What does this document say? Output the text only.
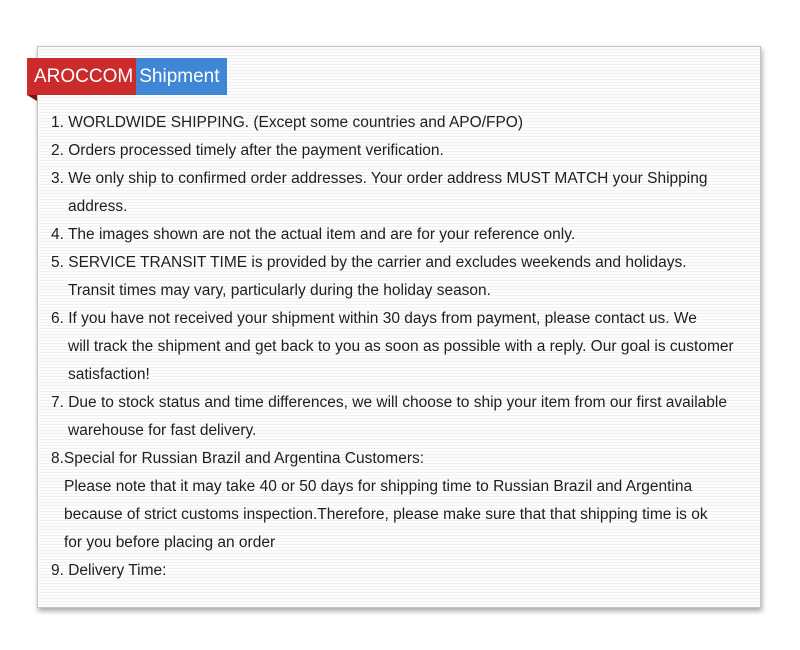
AROCCOM Shipment
1. WORLDWIDE SHIPPING. (Except some countries and APO/FPO)
2. Orders processed timely after the payment verification.
3. We only ship to confirmed order addresses. Your order address MUST MATCH your Shipping
address.
4. The images shown are not the actual item and are for your reference only.
5. SERVICE TRANSIT TIME is provided by the carrier and excludes weekends and holidays.
Transit times may vary, particularly during the holiday season.
6. If you have not received your shipment within 30 days from payment, please contact us. We
will track the shipment and get back to you as soon as possible with a reply. Our goal is customer
satisfaction!
7. Due to stock status and time differences, we will choose to ship your item from our first available
warehouse for fast delivery.
8.Special for Russian Brazil and Argentina Customers:
Please note that it may take 40 or 50 days for shipping time to Russian Brazil and Argentina
because of strict customs inspection.Therefore, please make sure that that shipping time is ok
for you before placing an order
9. Delivery Time:
